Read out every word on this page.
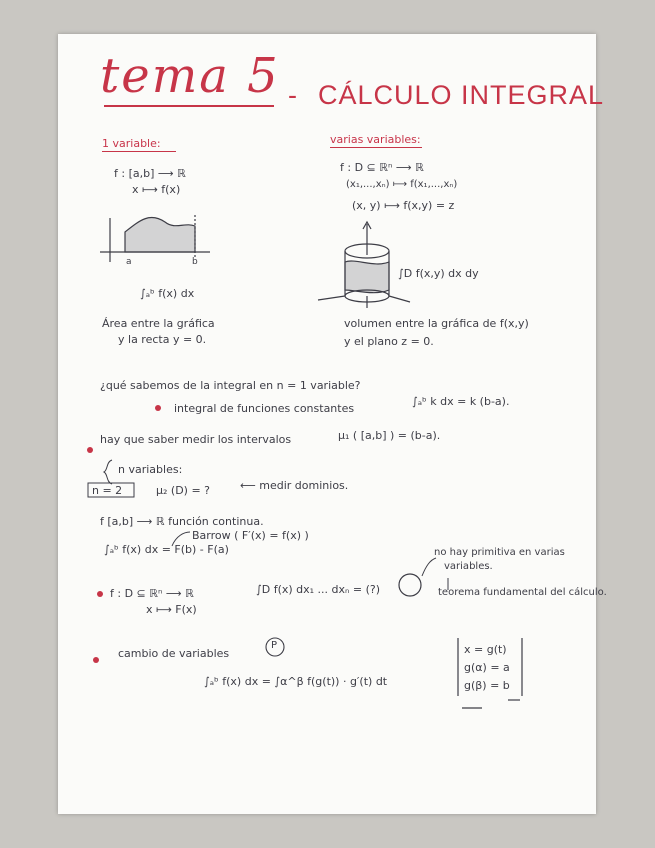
tema 5 - CÁLCULO INTEGRAL
1 variable:
f : [a,b] ⟶ ℝ
x ⟼ f(x)
varias variables:
f : D ⊆ ℝⁿ ⟶ ℝ
(x₁,...,xₙ) ⟼ f(x₁,...,xₙ)
(x, y) ⟼ f(x,y) = z
a	b
∫ₐᵇ f(x) dx
Área entre la gráfica
y la recta y = 0.
∫D f(x,y) dx dy
volumen entre la gráfica de f(x,y)
y el plano z = 0.
¿qué sabemos de la integral en n = 1 variable?
integral de funciones constantes
∫ₐᵇ k dx = k (b-a).
hay que saber medir los intervalos	μ₁ ( [a,b] ) = (b-a).
n variables:
n = 2	μ₂ (D) = ?	⟵ medir dominios.
f [a,b] ⟶ ℝ función continua.
Barrow ( F′(x) = f(x) )
∫ₐᵇ f(x) dx = F(b) - F(a)
f : D ⊆ ℝⁿ ⟶ ℝ
x ⟼ F(x)
∫D f(x) dx₁ ... dxₙ = (?)
no hay primitiva en varias
variables.
teorema fundamental del cálculo.
cambio de variables
P
∫ₐᵇ f(x) dx = ∫α^β f(g(t)) · g′(t) dt
x = g(t)
g(α) = a
g(β) = b
